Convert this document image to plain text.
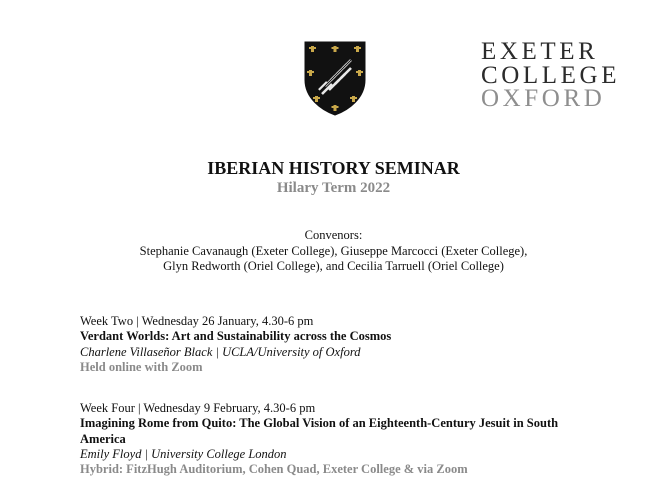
EXETER
COLLEGE
OXFORD
IBERIAN HISTORY SEMINAR
Hilary Term 2022
Convenors:
Stephanie Cavanaugh (Exeter College), Giuseppe Marcocci (Exeter College),
Glyn Redworth (Oriel College), and Cecilia Tarruell (Oriel College)
Week Two | Wednesday 26 January, 4.30-6 pm
Verdant Worlds: Art and Sustainability across the Cosmos
Charlene Villaseñor Black | UCLA/University of Oxford
Held online with Zoom
Week Four | Wednesday 9 February, 4.30-6 pm
Imagining Rome from Quito: The Global Vision of an Eighteenth-Century Jesuit in South
America
Emily Floyd | University College London
Hybrid: FitzHugh Auditorium, Cohen Quad, Exeter College & via Zoom
